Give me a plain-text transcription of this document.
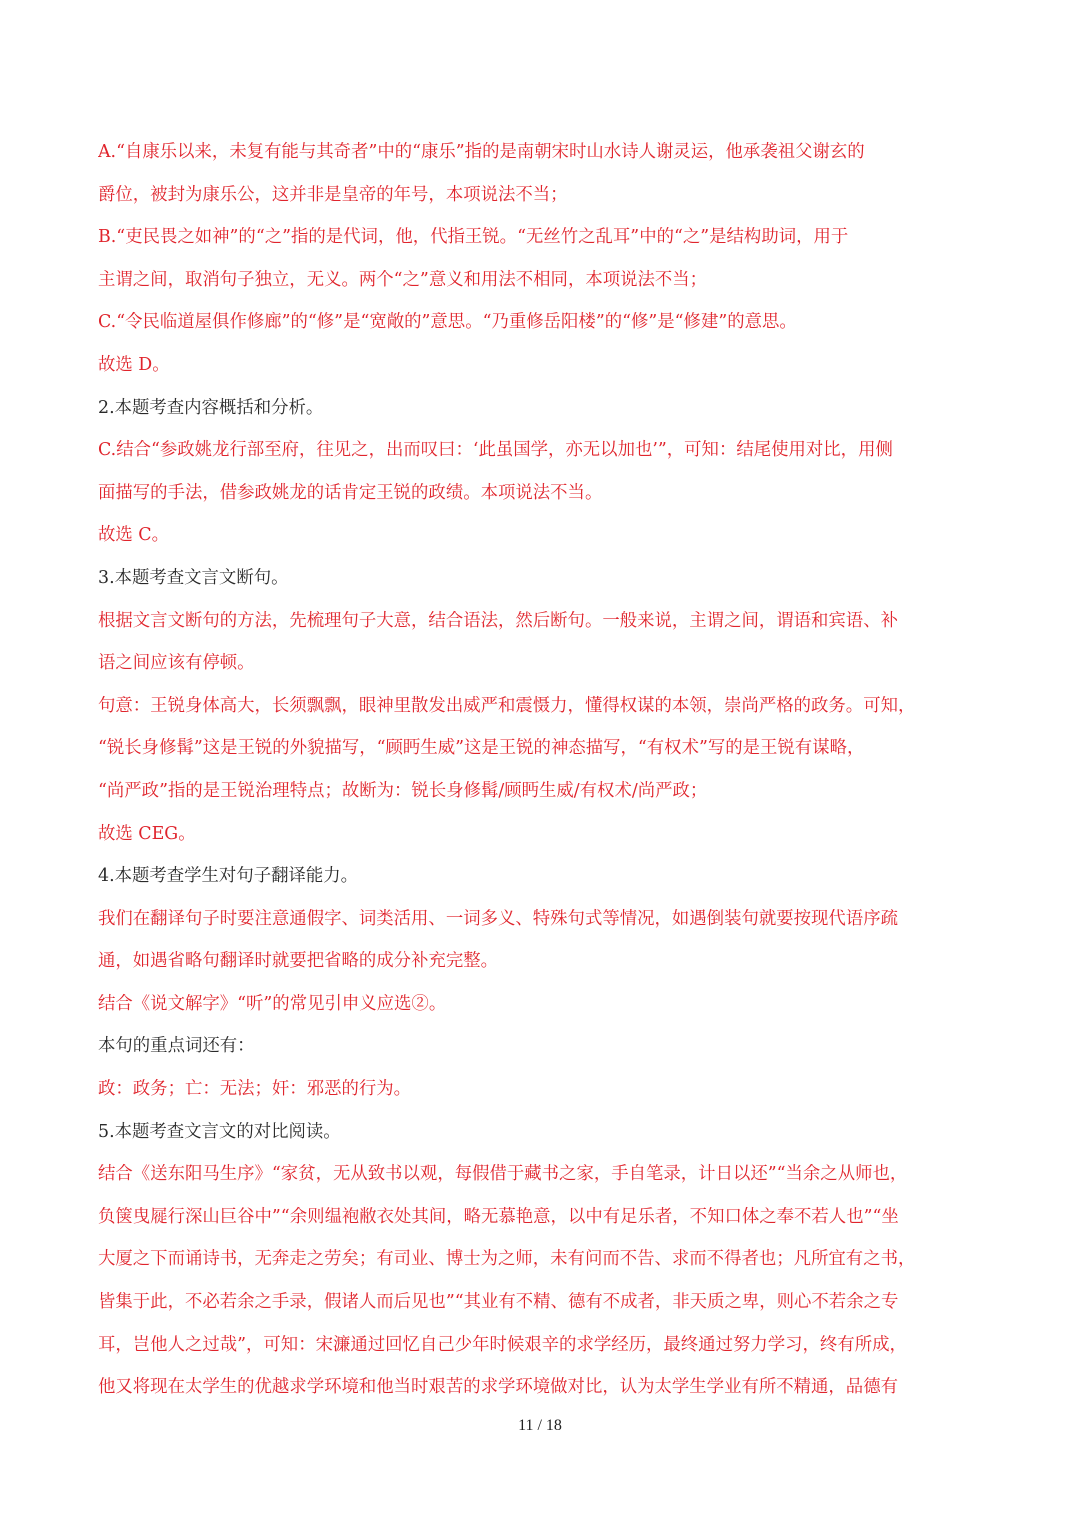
A.“自康乐以来，未复有能与其奇者”中的“康乐”指的是南朝宋时山水诗人谢灵运，他承袭祖父谢玄的
爵位，被封为康乐公，这并非是皇帝的年号，本项说法不当；
B.“吏民畏之如神”的“之”指的是代词，他，代指王锐。“无丝竹之乱耳”中的“之”是结构助词，用于
主谓之间，取消句子独立，无义。两个“之”意义和用法不相同，本项说法不当；
C.“令民临道屋俱作修廊”的“修”是“宽敞的”意思。“乃重修岳阳楼”的“修”是“修建”的意思。
故选 D。
2.本题考查内容概括和分析。
C.结合“参政姚龙行部至府，往见之，出而叹曰：‘此虽国学，亦无以加也’”，可知：结尾使用对比，用侧
面描写的手法，借参政姚龙的话肯定王锐的政绩。本项说法不当。
故选 C。
3.本题考查文言文断句。
根据文言文断句的方法，先梳理句子大意，结合语法，然后断句。一般来说，主谓之间，谓语和宾语、补
语之间应该有停顿。
句意：王锐身体高大，长须飘飘，眼神里散发出威严和震慑力，懂得权谋的本领，崇尚严格的政务。可知，
“锐长身修髯”这是王锐的外貌描写，“顾眄生威”这是王锐的神态描写，“有权术”写的是王锐有谋略，
“尚严政”指的是王锐治理特点；故断为：锐长身修髯/顾眄生威/有权术/尚严政；
故选 CEG。
4.本题考查学生对句子翻译能力。
我们在翻译句子时要注意通假字、词类活用、一词多义、特殊句式等情况，如遇倒装句就要按现代语序疏
通，如遇省略句翻译时就要把省略的成分补充完整。
结合《说文解字》“听”的常见引申义应选②。
本句的重点词还有：
政：政务；亡：无法；奸：邪恶的行为。
5.本题考查文言文的对比阅读。
结合《送东阳马生序》“家贫，无从致书以观，每假借于藏书之家，手自笔录，计日以还”“当余之从师也，
负箧曳屣行深山巨谷中”“余则缊袍敝衣处其间，略无慕艳意，以中有足乐者，不知口体之奉不若人也”“坐
大厦之下而诵诗书，无奔走之劳矣；有司业、博士为之师，未有问而不告、求而不得者也；凡所宜有之书，
皆集于此，不必若余之手录，假诸人而后见也”“其业有不精、德有不成者，非天质之卑，则心不若余之专
耳，岂他人之过哉”，可知：宋濂通过回忆自己少年时候艰辛的求学经历，最终通过努力学习，终有所成，
他又将现在太学生的优越求学环境和他当时艰苦的求学环境做对比，认为太学生学业有所不精通，品德有
11 / 18
